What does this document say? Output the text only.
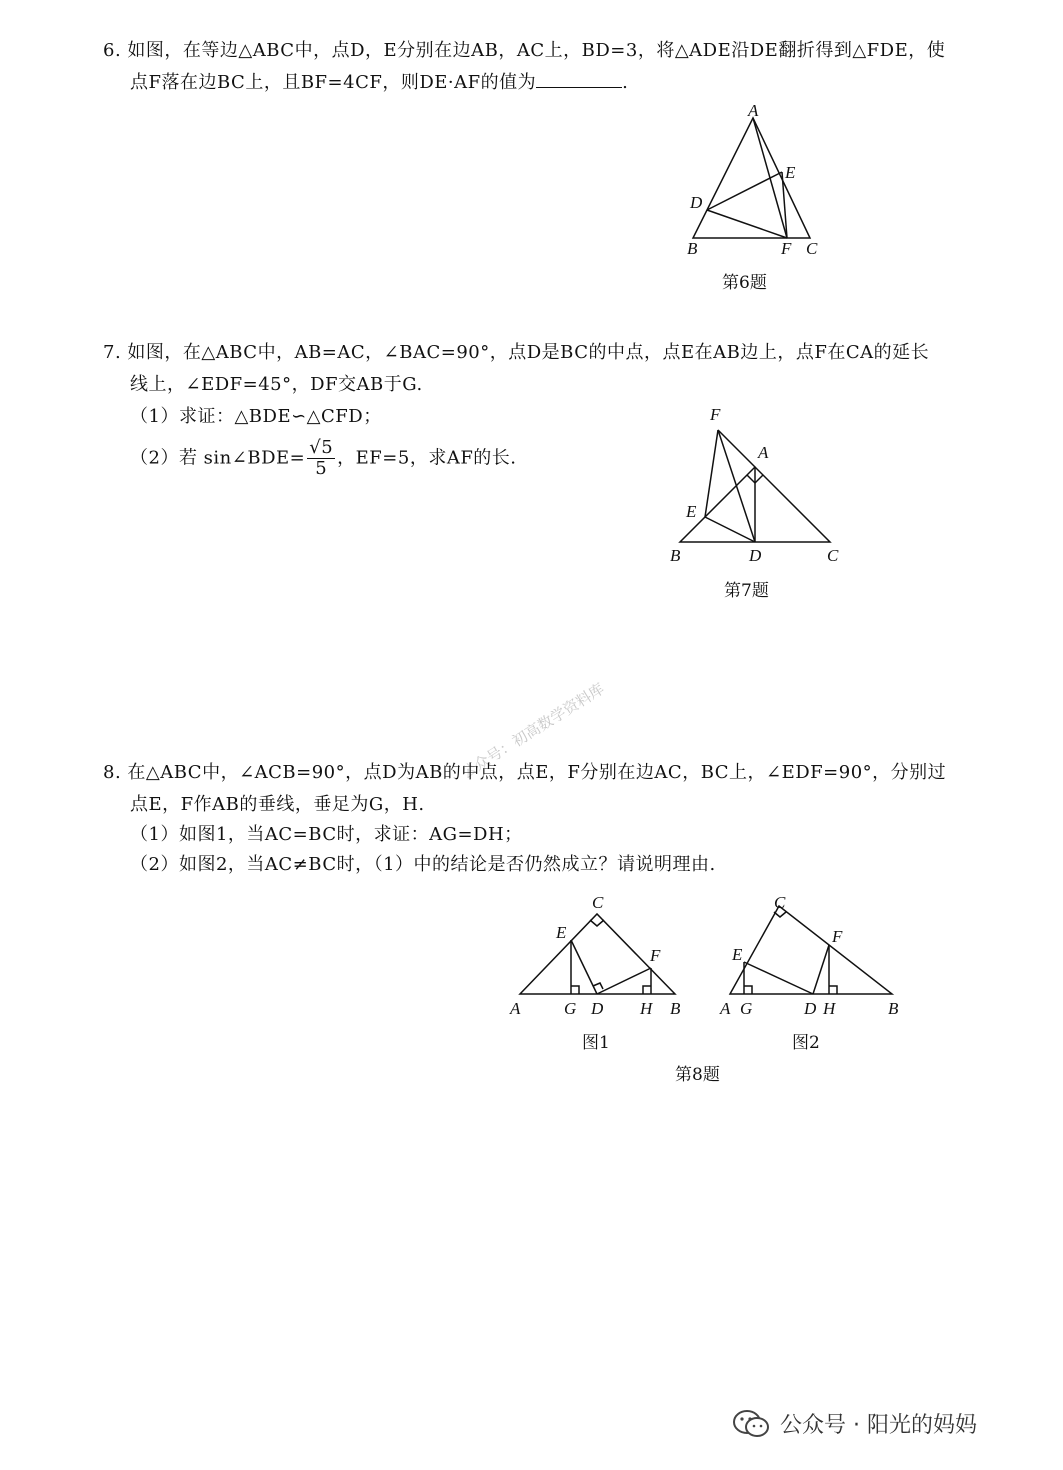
6. 如图，在等边△ABC中，点D，E分别在边AB，AC上，BD=3，将△ADE沿DE翻折得到△FDE，使
点F落在边BC上，且BF=4CF，则DE·AF的值为	.
A
E
D
B	F C
第6题
7. 如图，在△ABC中，AB=AC，∠BAC=90°，点D是BC的中点，点E在AB边上，点F在CA的延长
线上，∠EDF=45°，DF交AB于G.
（1）求证：△BDE∽△CFD；
（2）若 sin∠BDE= $\frac{√5}{5}$ ，EF=5，求AF的长.
F
A
E
B	D	C
第7题
公众号：初高数学资料库
8. 在△ABC中，∠ACB=90°，点D为AB的中点，点E，F分别在边AC，BC上，∠EDF=90°，分别过
点E，F作AB的垂线，垂足为G，H.
（1）如图1，当AC=BC时，求证：AG=DH；
（2）如图2，当AC≠BC时，（1）中的结论是否仍然成立？请说明理由.
C
E
F
A	G D H B
图1
C
E
F
A G	D H	B
图2
第8题
公众号 · 阳光的妈妈
